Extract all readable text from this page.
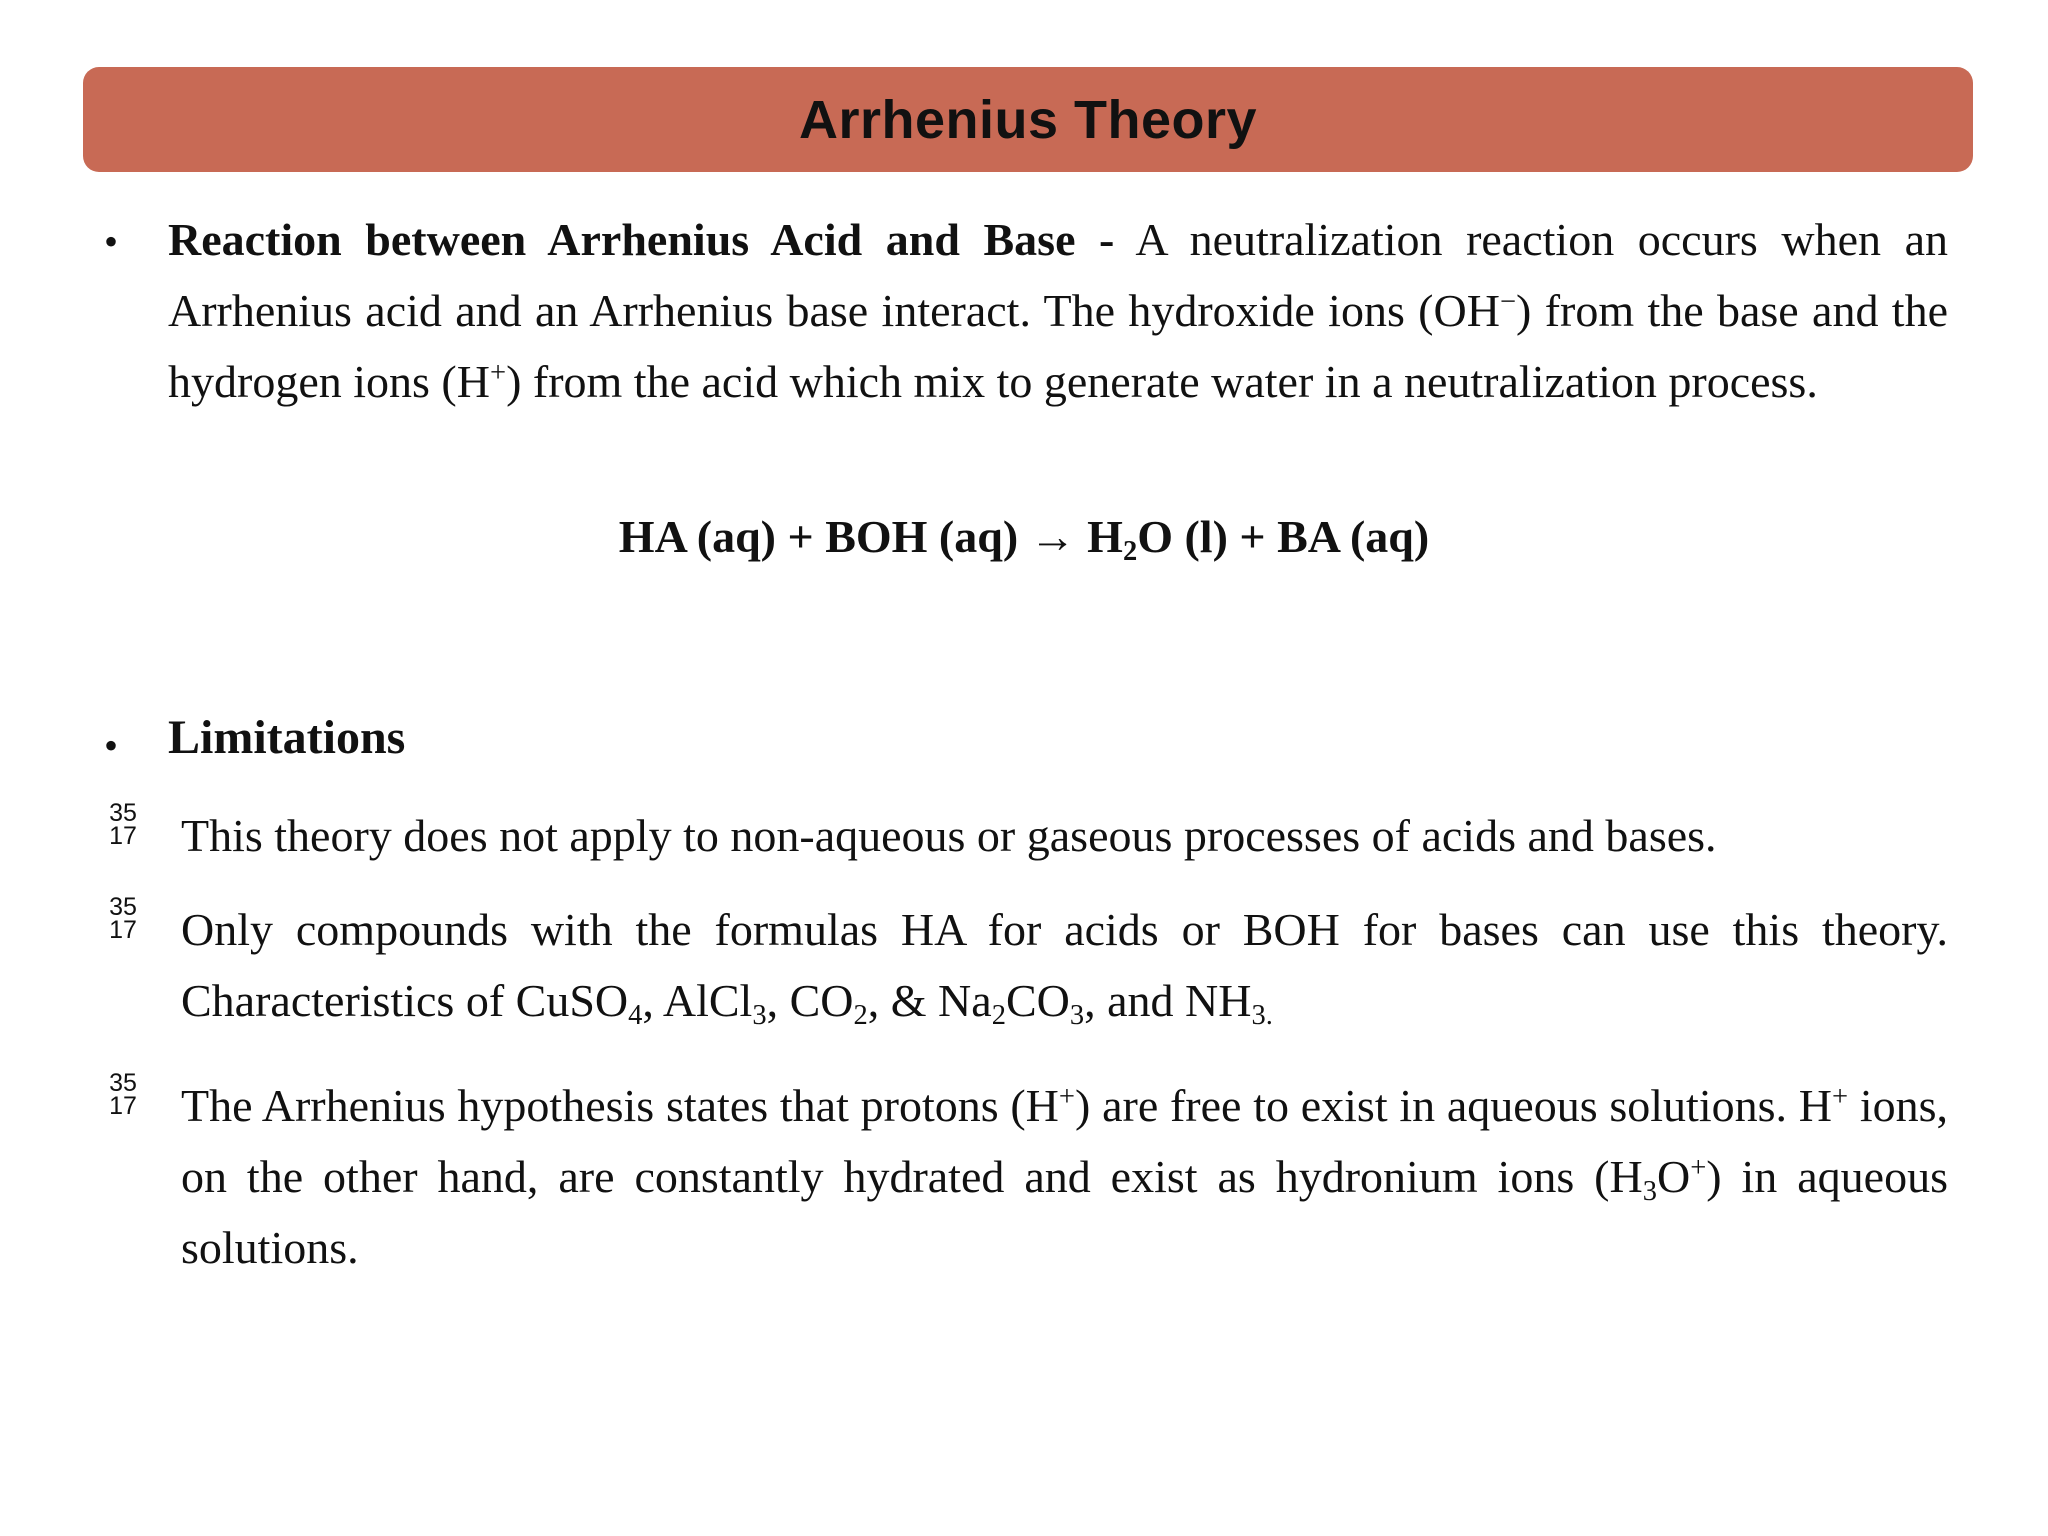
Arrhenius Theory
• Reaction between Arrhenius Acid and Base - A neutralization reaction occurs when an Arrhenius acid and an Arrhenius base interact. The hydroxide ions (OH−) from the base and the hydrogen ions (H+) from the acid which mix to generate water in a neutralization process.
HA (aq) + BOH $(aq) \to H_2O$ (l) + BA (aq)
• Limitations
35
17 This theory does not apply to non-aqueous or gaseous processes of acids and bases.
35
17 Only compounds with the formulas HA for acids or BOH for bases can use this theory. Characteristics of CuSO$_4$, AlCl$_3$, $CO_2$, & $Na_2CO_3$, and $NH_{3.}$
35
17 The Arrhenius hypothesis states that protons (H+) are free to exist in aqueous solutions. H+ ions, on the other hand, are constantly hydrated and exist as hydronium ions $(H_3O^+)$ in aqueous solutions.
